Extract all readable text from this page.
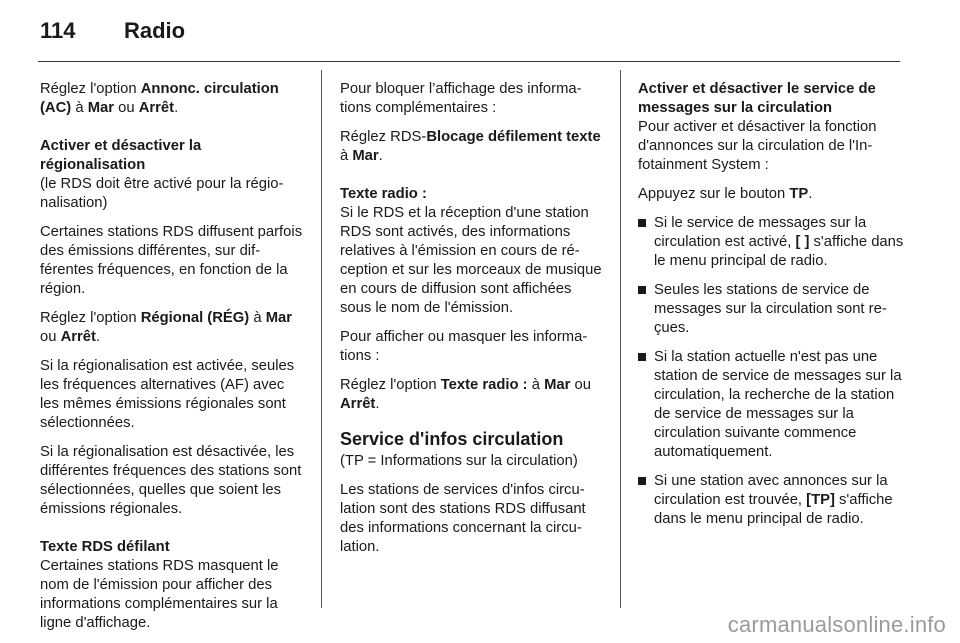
114	Radio

Réglez l'option Annonc. circulation (AC) à Mar ou Arrêt.

Activer et désactiver la régionalisation

(le RDS doit être activé pour la régionalisation)

Certaines stations RDS diffusent parfois des émissions différentes, sur différentes fréquences, en fonction de la région.

Réglez l'option Régional (RÉG) à Mar ou Arrêt.

Si la régionalisation est activée, seules les fréquences alternatives (AF) avec les mêmes émissions régionales sont sélectionnées.

Si la régionalisation est désactivée, les différentes fréquences des stations sont sélectionnées, quelles que soient les émissions régionales.

Texte RDS défilant

Certaines stations RDS masquent le nom de l'émission pour afficher des informations complémentaires sur la ligne d'affichage.

Pour bloquer l’affichage des informations complémentaires :

Réglez RDS-Blocage défilement texte à Mar.

Texte radio :

Si le RDS et la réception d'une station RDS sont activés, des informations relatives à l'émission en cours de réception et sur les morceaux de musique en cours de diffusion sont affichées sous le nom de l'émission.

Pour afficher ou masquer les informations :

Réglez l'option Texte radio : à Mar ou Arrêt.

Service d'infos circulation

(TP = Informations sur la circulation)

Les stations de services d'infos circulation sont des stations RDS diffusant des informations concernant la circulation.

Activer et désactiver le service de messages sur la circulation

Pour activer et désactiver la fonction d'annonces sur la circulation de l'Infotainment System :

Appuyez sur le bouton TP.

Si le service de messages sur la circulation est activé, [ ] s'affiche dans le menu principal de radio.
Seules les stations de service de messages sur la circulation sont reçues.
Si la station actuelle n'est pas une station de service de messages sur la circulation, la recherche de la station de service de messages sur la circulation suivante commence automatiquement.
Si une station avec annonces sur la circulation est trouvée, [TP] s'affiche dans le menu principal de radio.
carmanualsonline.info
